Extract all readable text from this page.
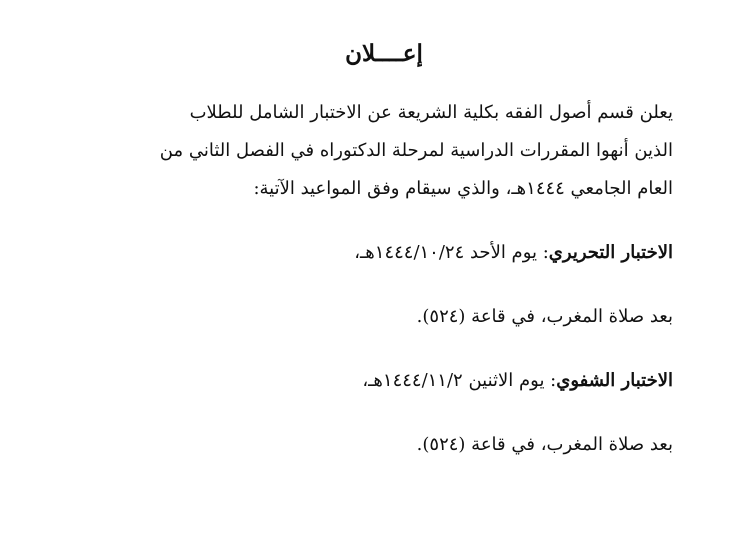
إعــــلان
يعلن قسم أصول الفقه بكلية الشريعة عن الاختبار الشامل للطلاب
الذين أنهوا المقررات الدراسية لمرحلة الدكتوراه في الفصل الثاني من
العام الجامعي ١٤٤٤هـ، والذي سيقام وفق المواعيد الآتية:
الاختبار التحريري: يوم الأحد ١٤٤٤/١٠/٢٤هـ،
بعد صلاة المغرب، في قاعة (٥٢٤).
الاختبار الشفوي: يوم الاثنين ١٤٤٤/١١/٢هـ،
بعد صلاة المغرب، في قاعة (٥٢٤).
